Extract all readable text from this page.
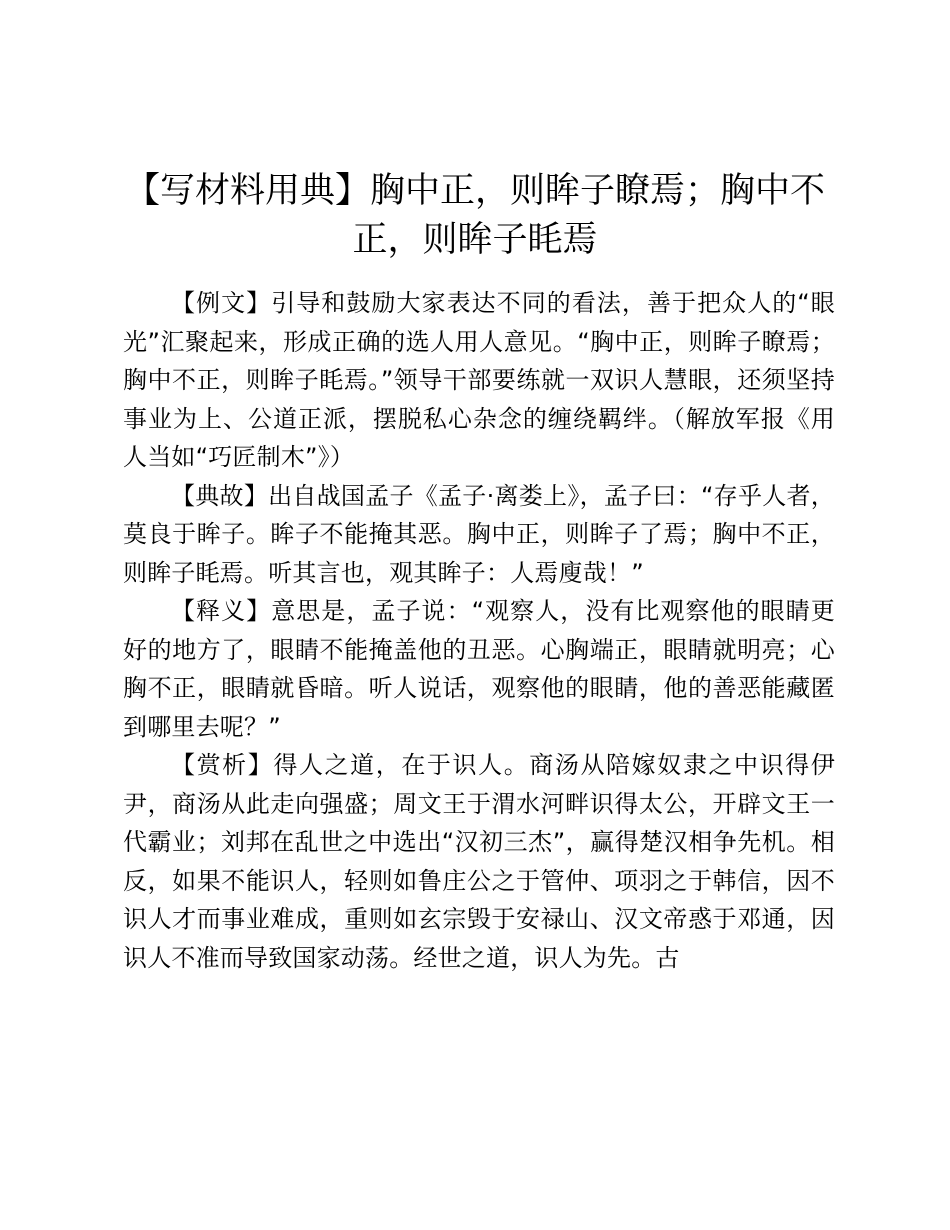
【写材料用典】胸中正，则眸子瞭焉；胸中不正，则眸子眊焉

【例文】引导和鼓励大家表达不同的看法，善于把众人的“眼光”汇聚起来，形成正确的选人用人意见。“胸中正，则眸子瞭焉；胸中不正，则眸子眊焉。”领导干部要练就一双识人慧眼，还须坚持事业为上、公道正派，摆脱私心杂念的缠绕羁绊。（解放军报《用人当如“巧匠制木”》）

【典故】出自战国孟子《孟子·离娄上》，孟子曰：“存乎人者，莫良于眸子。眸子不能掩其恶。胸中正，则眸子了焉；胸中不正，则眸子眊焉。听其言也，观其眸子：人焉廋哉！”

【释义】意思是，孟子说：“观察人，没有比观察他的眼睛更好的地方了，眼睛不能掩盖他的丑恶。心胸端正，眼睛就明亮；心胸不正，眼睛就昏暗。听人说话，观察他的眼睛，他的善恶能藏匿到哪里去呢？”

【赏析】得人之道，在于识人。商汤从陪嫁奴隶之中识得伊尹，商汤从此走向强盛；周文王于渭水河畔识得太公，开辟文王一代霸业；刘邦在乱世之中选出“汉初三杰”，赢得楚汉相争先机。相反，如果不能识人，轻则如鲁庄公之于管仲、项羽之于韩信，因不识人才而事业难成，重则如玄宗毁于安禄山、汉文帝惑于邓通，因识人不准而导致国家动荡。经世之道，识人为先。古
